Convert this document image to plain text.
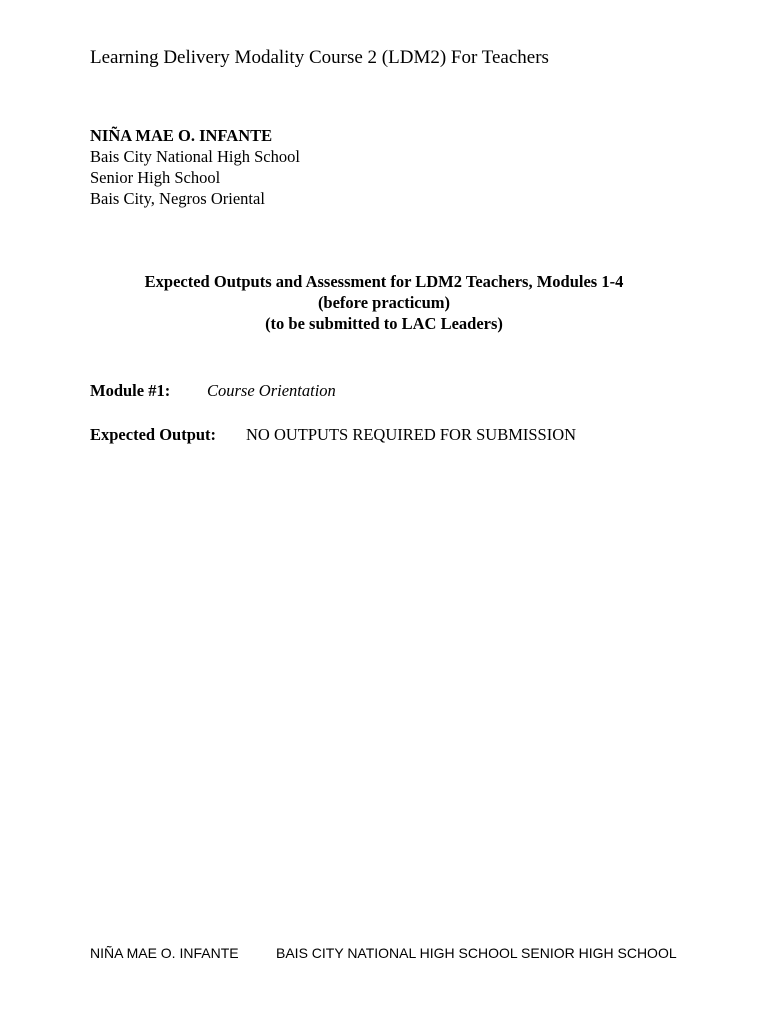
Learning Delivery Modality Course 2 (LDM2) For Teachers
NIÑA MAE O. INFANTE
Bais City National High School
Senior High School
Bais City, Negros Oriental
Expected Outputs and Assessment for LDM2 Teachers, Modules 1-4
(before practicum)
(to be submitted to LAC Leaders)
Module #1: Course Orientation
Expected Output: NO OUTPUTS REQUIRED FOR SUBMISSION
NIÑA MAE O. INFANTE	BAIS CITY NATIONAL HIGH SCHOOL SENIOR HIGH SCHOOL
